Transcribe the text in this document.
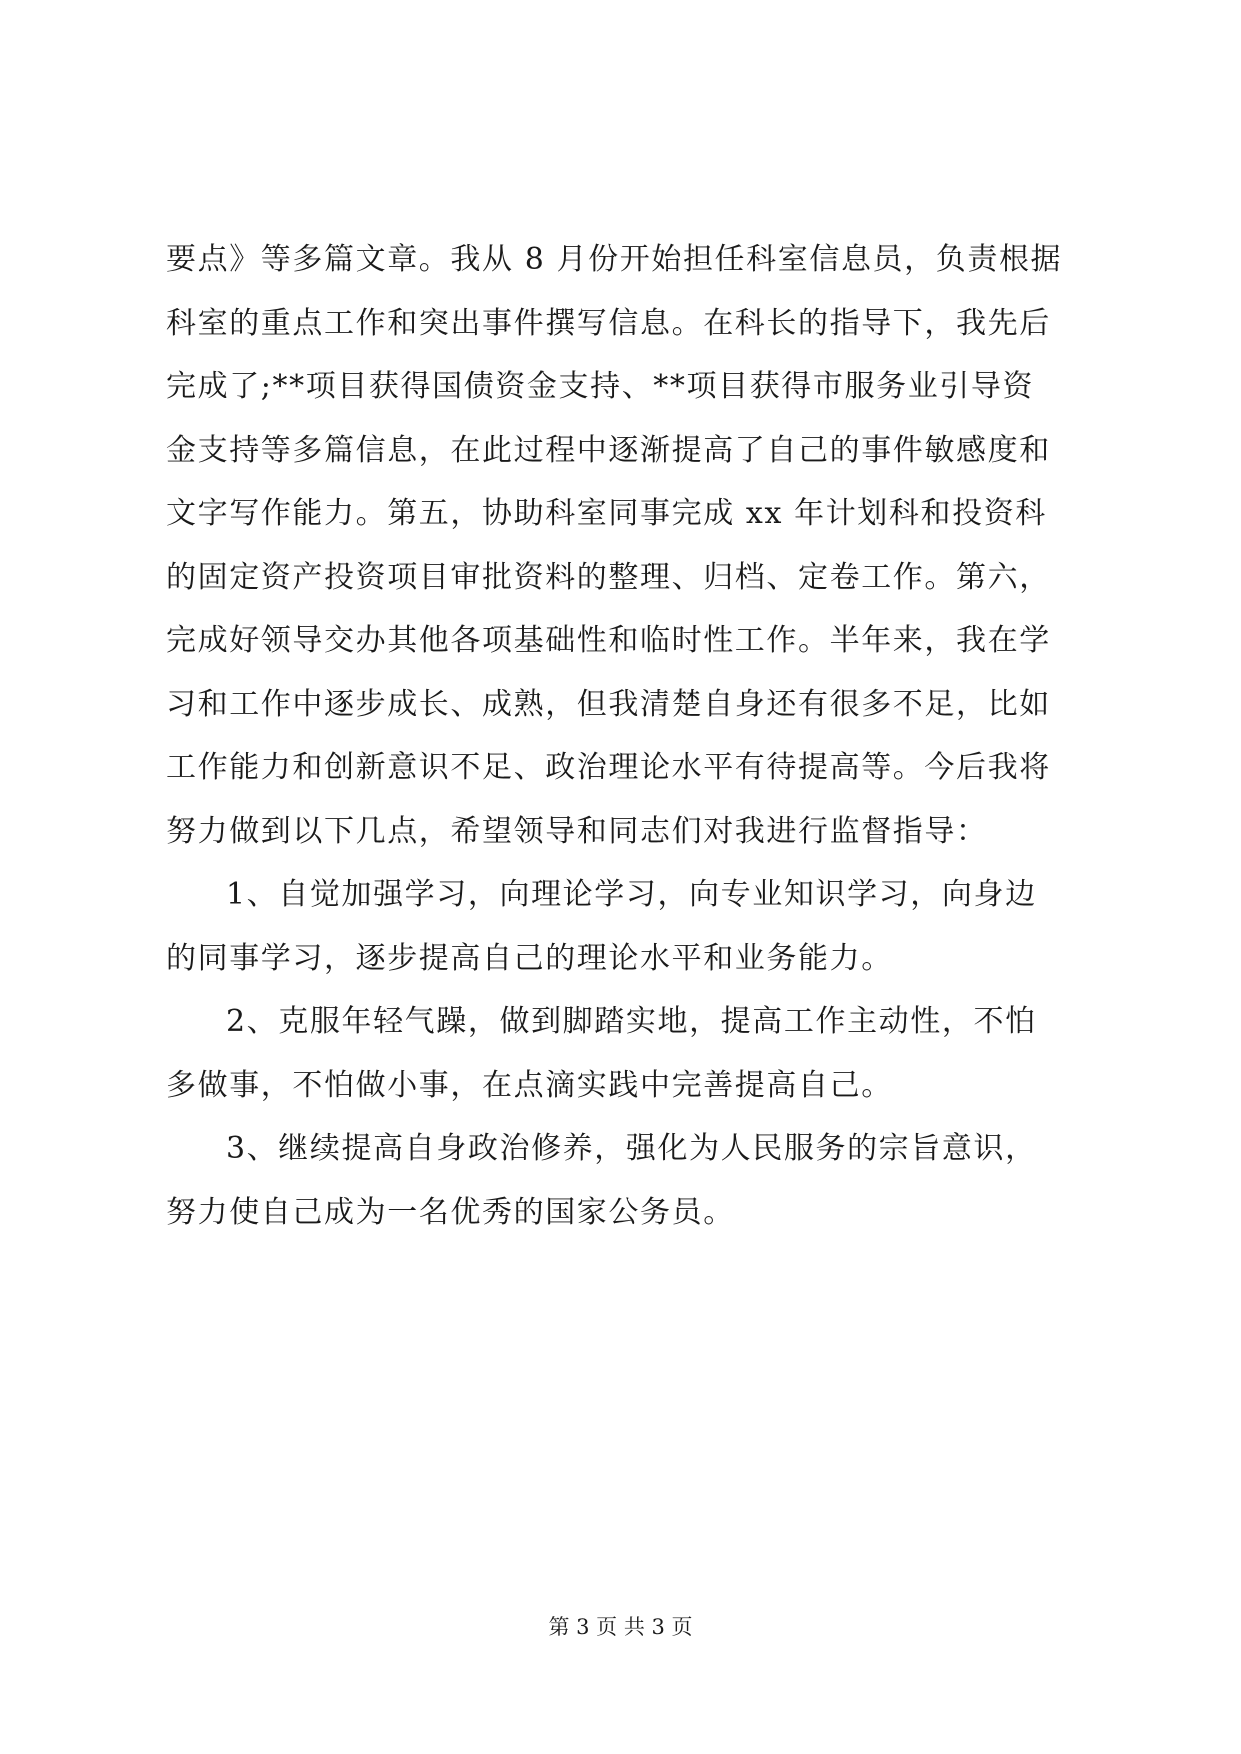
要点》等多篇文章。我从 8 月份开始担任科室信息员，负责根据
科室的重点工作和突出事件撰写信息。在科长的指导下，我先后
完成了;**项目获得国债资金支持、**项目获得市服务业引导资
金支持等多篇信息，在此过程中逐渐提高了自己的事件敏感度和
文字写作能力。第五，协助科室同事完成 xx 年计划科和投资科
的固定资产投资项目审批资料的整理、归档、定卷工作。第六，
完成好领导交办其他各项基础性和临时性工作。半年来，我在学
习和工作中逐步成长、成熟，但我清楚自身还有很多不足，比如
工作能力和创新意识不足、政治理论水平有待提高等。今后我将
努力做到以下几点，希望领导和同志们对我进行监督指导：
1、自觉加强学习，向理论学习，向专业知识学习，向身边
的同事学习，逐步提高自己的理论水平和业务能力。
2、克服年轻气躁，做到脚踏实地，提高工作主动性，不怕
多做事，不怕做小事，在点滴实践中完善提高自己。
3、继续提高自身政治修养，强化为人民服务的宗旨意识，
努力使自己成为一名优秀的国家公务员。
第 3 页 共 3 页
